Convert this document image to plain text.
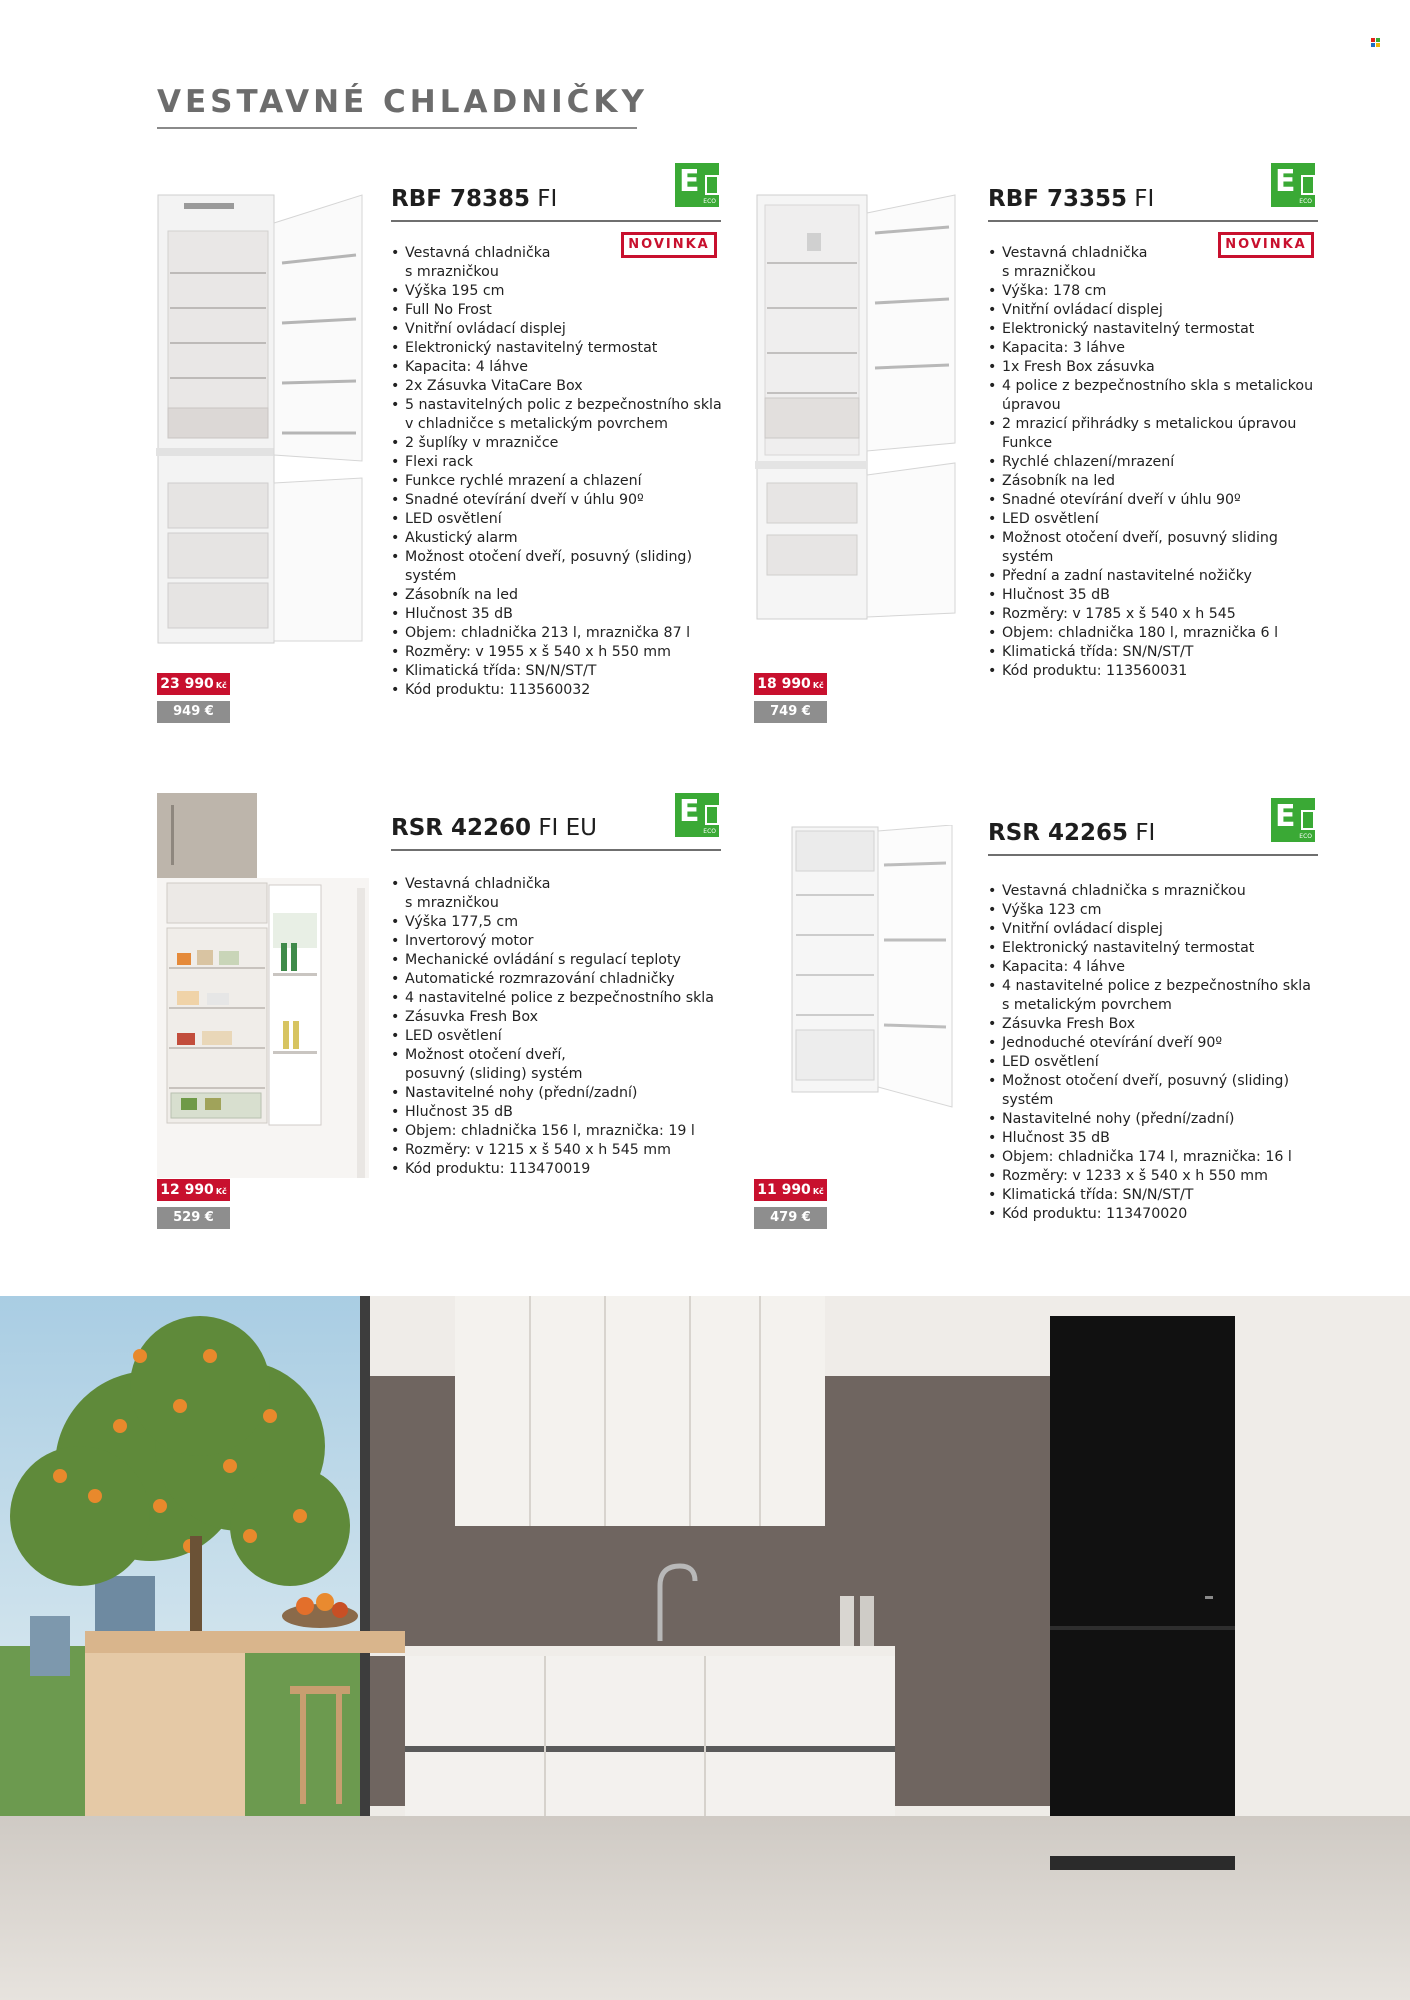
VESTAVNÉ CHLADNIČKY
23 990 Kč
949 €
RBF 78385 FI	E
ECO
NOVINKA
• Vestavná chladnička
s mrazničkou
• Výška 195 cm
• Full No Frost
• Vnitřní ovládací displej
• Elektronický nastavitelný termostat
• Kapacita: 4 láhve
• 2x Zásuvka VitaCare Box
• 5 nastavitelných polic z bezpečnostního skla
v chladničce s metalickým povrchem
• 2 šuplíky v mrazničce
• Flexi rack
• Funkce rychlé mrazení a chlazení
• Snadné otevírání dveří v úhlu 90º
• LED osvětlení
• Akustický alarm
• Možnost otočení dveří, posuvný (sliding)
systém
• Zásobník na led
• Hlučnost 35 dB
• Objem: chladnička 213 l, mraznička 87 l
• Rozměry: v 1955 x š 540 x h 550 mm
• Klimatická třída: SN/N/ST/T
• Kód produktu: 113560032	18 990 Kč
749 €
RBF 73355 FI	E
ECO
NOVINKA
• Vestavná chladnička
s mrazničkou
• Výška: 178 cm
• Vnitřní ovládací displej
• Elektronický nastavitelný termostat
• Kapacita: 3 láhve
• 1x Fresh Box zásuvka
• 4 police z bezpečnostního skla s metalickou
úpravou
• 2 mrazicí přihrádky s metalickou úpravou
Funkce
• Rychlé chlazení/mrazení
• Zásobník na led
• Snadné otevírání dveří v úhlu 90º
• LED osvětlení
• Možnost otočení dveří, posuvný sliding
systém
• Přední a zadní nastavitelné nožičky
• Hlučnost 35 dB
• Rozměry: v 1785 x š 540 x h 545
• Objem: chladnička 180 l, mraznička 6 l
• Klimatická třída: SN/N/ST/T
• Kód produktu: 113560031
12 990 Kč
529 €
RSR 42260 FI EU	E
ECO
• Vestavná chladnička
s mrazničkou
• Výška 177,5 cm
• Invertorový motor
• Mechanické ovládání s regulací teploty
• Automatické rozmrazování chladničky
• 4 nastavitelné police z bezpečnostního skla
• Zásuvka Fresh Box
• LED osvětlení
• Možnost otočení dveří,
posuvný (sliding) systém
• Nastavitelné nohy (přední/zadní)
• Hlučnost 35 dB
• Objem: chladnička 156 l, mraznička: 19 l
• Rozměry: v 1215 x š 540 x h 545 mm
• Kód produktu: 113470019
11 990 Kč
479 €
RSR 42265 FI	E
ECO
• Vestavná chladnička s mrazničkou
• Výška 123 cm
• Vnitřní ovládací displej
• Elektronický nastavitelný termostat
• Kapacita: 4 láhve
• 4 nastavitelné police z bezpečnostního skla
s metalickým povrchem
• Zásuvka Fresh Box
• Jednoduché otevírání dveří 90º
• LED osvětlení
• Možnost otočení dveří, posuvný (sliding)
systém
• Nastavitelné nohy (přední/zadní)
• Hlučnost 35 dB
• Objem: chladnička 174 l, mraznička: 16 l
• Rozměry: v 1233 x š 540 x h 550 mm
• Klimatická třída: SN/N/ST/T
• Kód produktu: 113470020
